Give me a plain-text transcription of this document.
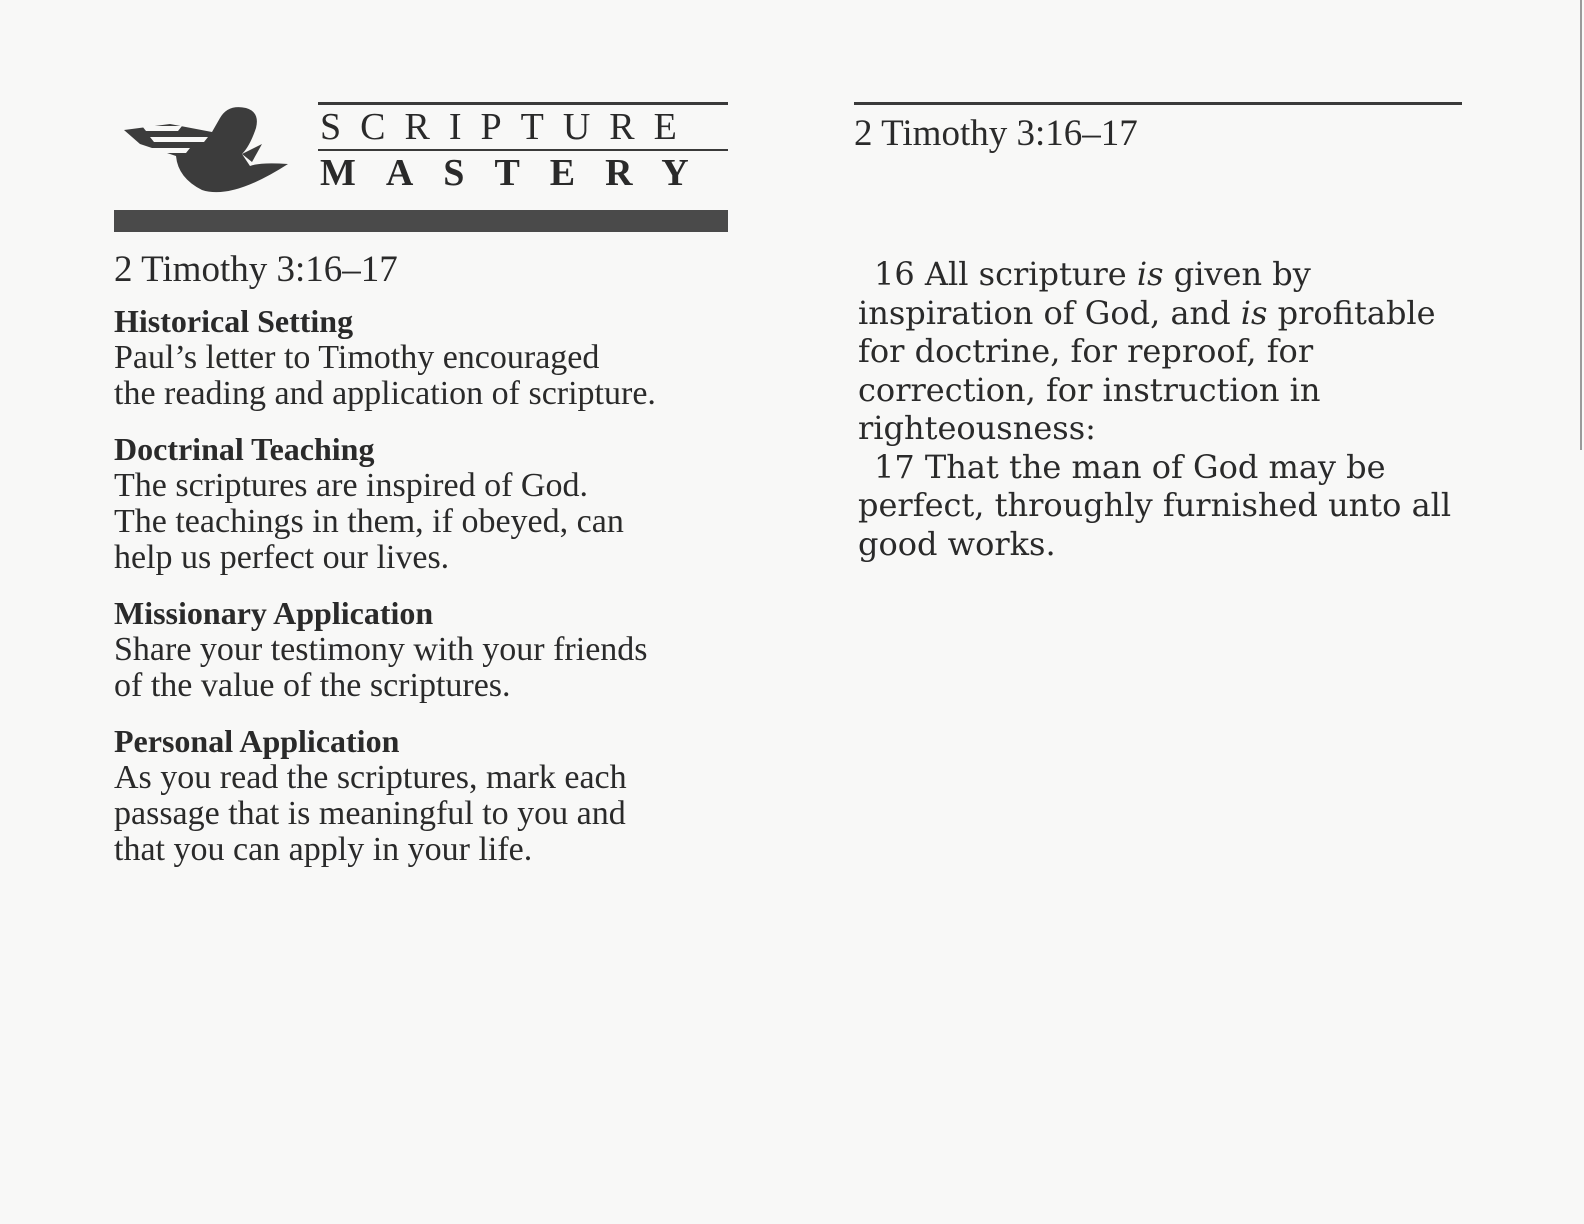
SCRIPTURE
MASTERY
2 Timothy 3:16–17
Historical Setting
Paul’s letter to Timothy encouraged
the reading and application of scripture.
Doctrinal Teaching
The scriptures are inspired of God.
The teachings in them, if obeyed, can
help us perfect our lives.
Missionary Application
Share your testimony with your friends
of the value of the scriptures.
Personal Application
As you read the scriptures, mark each
passage that is meaningful to you and
that you can apply in your life.
2 Timothy 3:16–17
16 All scripture is given by inspiration of God, and is profitable for doctrine, for reproof, for correction, for instruction in righteousness:
17 That the man of God may be perfect, throughly furnished unto all good works.
